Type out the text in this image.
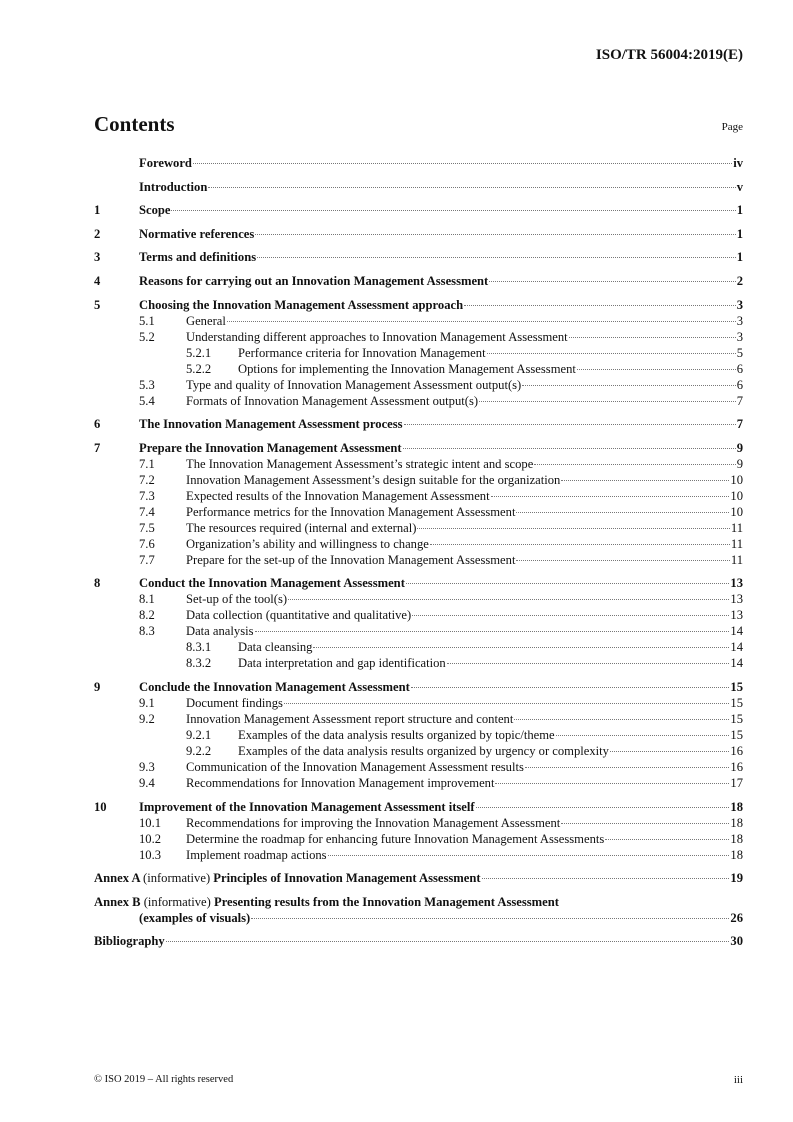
ISO/TR 56004:2019(E)
Contents	Page
Foreword	iv
Introduction	v
1	Scope	1
2	Normative references	1
3	Terms and definitions	1
4	Reasons for carrying out an Innovation Management Assessment	2
5	Choosing the Innovation Management Assessment approach	3
5.1	General	3
5.2	Understanding different approaches to Innovation Management Assessment	3
5.2.1	Performance criteria for Innovation Management	5
5.2.2	Options for implementing the Innovation Management Assessment	6
5.3	Type and quality of Innovation Management Assessment output(s)	6
5.4	Formats of Innovation Management Assessment output(s)	7
6	The Innovation Management Assessment process	7
7	Prepare the Innovation Management Assessment	9
7.1	The Innovation Management Assessment’s strategic intent and scope	9
7.2	Innovation Management Assessment’s design suitable for the organization	10
7.3	Expected results of the Innovation Management Assessment	10
7.4	Performance metrics for the Innovation Management Assessment	10
7.5	The resources required (internal and external)	11
7.6	Organization’s ability and willingness to change	11
7.7	Prepare for the set-up of the Innovation Management Assessment	11
8	Conduct the Innovation Management Assessment	13
8.1	Set-up of the tool(s)	13
8.2	Data collection (quantitative and qualitative)	13
8.3	Data analysis	14
8.3.1	Data cleansing	14
8.3.2	Data interpretation and gap identification	14
9	Conclude the Innovation Management Assessment	15
9.1	Document findings	15
9.2	Innovation Management Assessment report structure and content	15
9.2.1	Examples of the data analysis results organized by topic/theme	15
9.2.2	Examples of the data analysis results organized by urgency or complexity	16
9.3	Communication of the Innovation Management Assessment results	16
9.4	Recommendations for Innovation Management improvement	17
10	Improvement of the Innovation Management Assessment itself	18
10.1	Recommendations for improving the Innovation Management Assessment	18
10.2	Determine the roadmap for enhancing future Innovation Management Assessments	18
10.3	Implement roadmap actions	18
Annex A (informative) Principles of Innovation Management Assessment	19
Annex B (informative) Presenting results from the Innovation Management Assessment
(examples of visuals)	26
Bibliography	30
© ISO 2019 – All rights reserved	iii
